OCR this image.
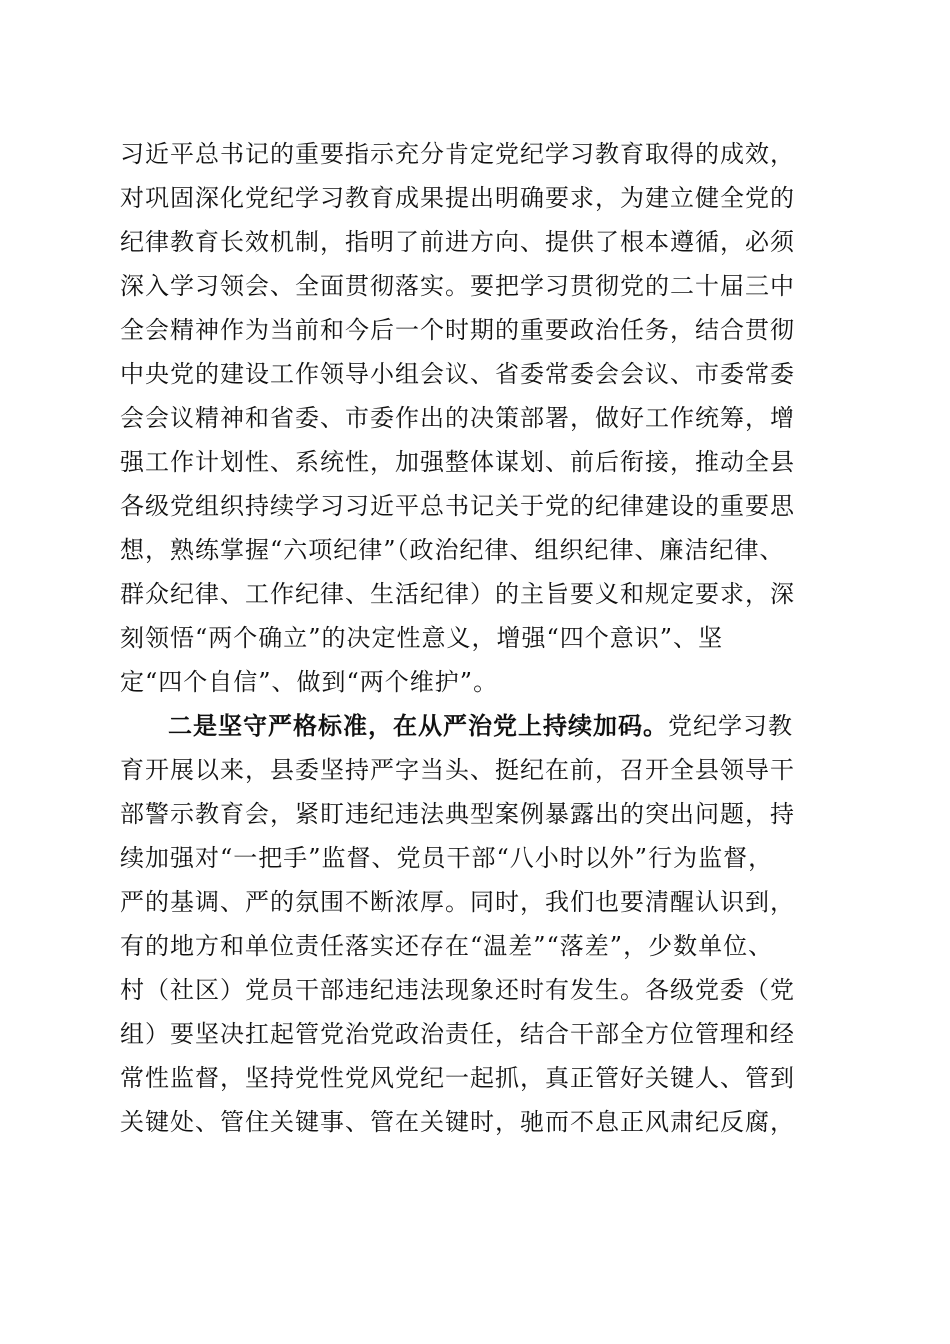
习近平总书记的重要指示充分肯定党纪学习教育取得的成效，
对巩固深化党纪学习教育成果提出明确要求，为建立健全党的
纪律教育长效机制，指明了前进方向、提供了根本遵循，必须
深入学习领会、全面贯彻落实。要把学习贯彻党的二十届三中
全会精神作为当前和今后一个时期的重要政治任务，结合贯彻
中央党的建设工作领导小组会议、省委常委会会议、市委常委
会会议精神和省委、市委作出的决策部署，做好工作统筹，增
强工作计划性、系统性，加强整体谋划、前后衔接，推动全县
各级党组织持续学习习近平总书记关于党的纪律建设的重要思
想，熟练掌握“六项纪律”（政治纪律、组织纪律、廉洁纪律、
群众纪律、工作纪律、生活纪律）的主旨要义和规定要求，深
刻领悟“两个确立”的决定性意义，增强“四个意识”、坚
定“四个自信”、做到“两个维护”。
二是坚守严格标准，在从严治党上持续加码。党纪学习教
育开展以来，县委坚持严字当头、挺纪在前，召开全县领导干
部警示教育会，紧盯违纪违法典型案例暴露出的突出问题，持
续加强对“一把手”监督、党员干部“八小时以外”行为监督，
严的基调、严的氛围不断浓厚。同时，我们也要清醒认识到，
有的地方和单位责任落实还存在“温差”“落差”，少数单位、
村（社区）党员干部违纪违法现象还时有发生。各级党委（党
组）要坚决扛起管党治党政治责任，结合干部全方位管理和经
常性监督，坚持党性党风党纪一起抓，真正管好关键人、管到
关键处、管住关键事、管在关键时，驰而不息正风肃纪反腐，
